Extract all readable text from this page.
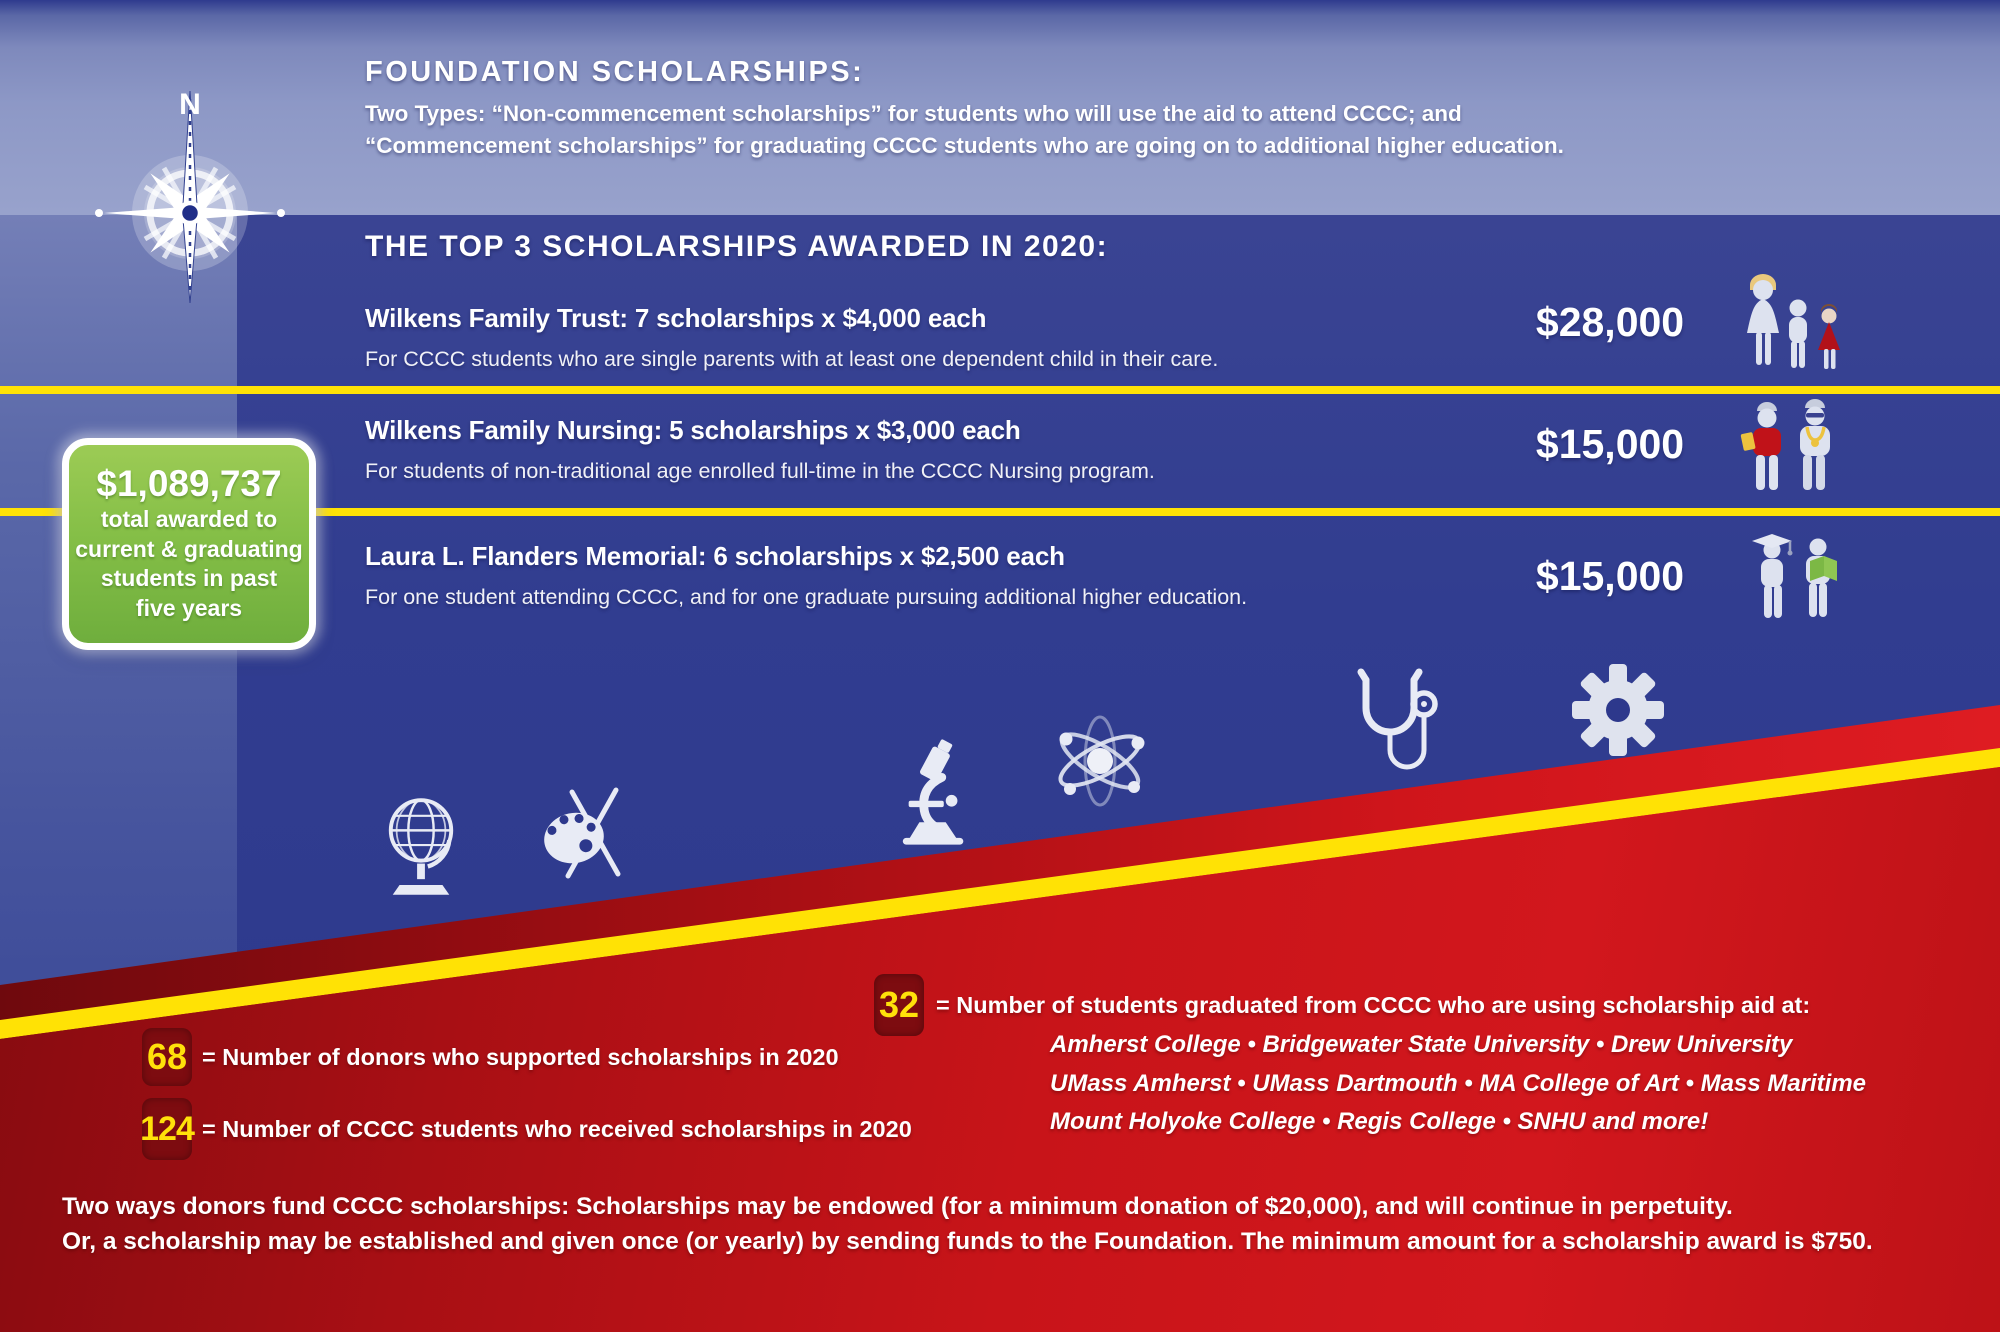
N
FOUNDATION SCHOLARSHIPS:
Two Types: “Non-commencement scholarships” for students who will use the aid to attend CCCC; and
“Commencement scholarships” for graduating CCCC students who are going on to additional higher education.
THE TOP 3 SCHOLARSHIPS AWARDED IN 2020:
Wilkens Family Trust: 7 scholarships x $4,000 each
For CCCC students who are single parents with at least one dependent child in their care.
$28,000
Wilkens Family Nursing: 5 scholarships x $3,000 each
For students of non-traditional age enrolled full-time in the CCCC Nursing program.
$15,000
Laura L. Flanders Memorial: 6 scholarships x $2,500 each
For one student attending CCCC, and for one graduate pursuing additional higher education.	$15,000
$1,089,737
total awarded to
current & graduating
students in past
five years
32 = Number of students graduated from CCCC who are using scholarship aid at:
Amherst College • Bridgewater State University • Drew University
UMass Amherst • UMass Dartmouth • MA College of Art • Mass Maritime
Mount Holyoke College • Regis College • SNHU and more!
68 = Number of donors who supported scholarships in 2020
124 = Number of CCCC students who received scholarships in 2020
Two ways donors fund CCCC scholarships: Scholarships may be endowed (for a minimum donation of $20,000), and will continue in perpetuity.
Or, a scholarship may be established and given once (or yearly) by sending funds to the Foundation. The minimum amount for a scholarship award is $750.
